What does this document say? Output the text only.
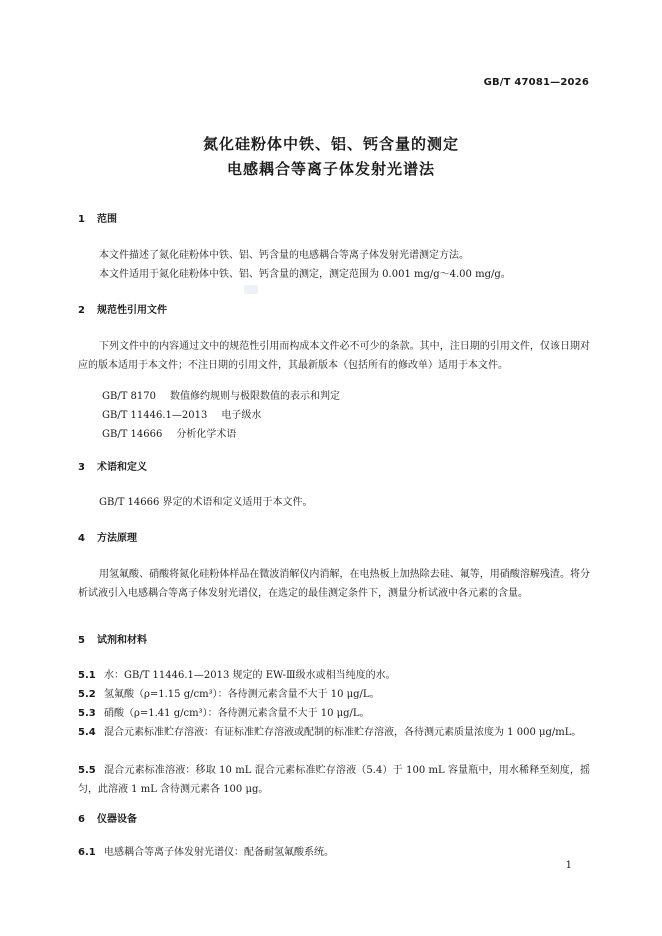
GB/T 47081—2026
氮化硅粉体中铁、铝、钙含量的测定
电感耦合等离子体发射光谱法
1 范围
本文件描述了氮化硅粉体中铁、铝、钙含量的电感耦合等离子体发射光谱测定方法。
本文件适用于氮化硅粉体中铁、铝、钙含量的测定，测定范围为 0.001 mg/g～4.00 mg/g。
2 规范性引用文件
下列文件中的内容通过文中的规范性引用而构成本文件必不可少的条款。其中，注日期的引用文件，仅该日期对应的版本适用于本文件；不注日期的引用文件，其最新版本（包括所有的修改单）适用于本文件。
GB/T 8170 数值修约规则与极限数值的表示和判定
GB/T 11446.1—2013 电子级水
GB/T 14666 分析化学术语
3 术语和定义
GB/T 14666 界定的术语和定义适用于本文件。
4 方法原理
用氢氟酸、硝酸将氮化硅粉体样品在微波消解仪内消解，在电热板上加热除去硅、氟等，用硝酸溶解残渣。将分析试液引入电感耦合等离子体发射光谱仪，在选定的最佳测定条件下，测量分析试液中各元素的含量。
5 试剂和材料
5.1 水：GB/T 11446.1—2013 规定的 EW-Ⅲ级水或相当纯度的水。
5.2 氢氟酸（ρ=1.15 g/cm³）：各待测元素含量不大于 10 μg/L。
5.3 硝酸（ρ=1.41 g/cm³）：各待测元素含量不大于 10 μg/L。
5.4 混合元素标准贮存溶液：有证标准贮存溶液或配制的标准贮存溶液，各待测元素质量浓度为 1 000 μg/mL。
5.5 混合元素标准溶液：移取 10 mL 混合元素标准贮存溶液（5.4）于 100 mL 容量瓶中，用水稀释至刻度，摇匀，此溶液 1 mL 含待测元素各 100 μg。
6 仪器设备
6.1 电感耦合等离子体发射光谱仪：配备耐氢氟酸系统。
1
